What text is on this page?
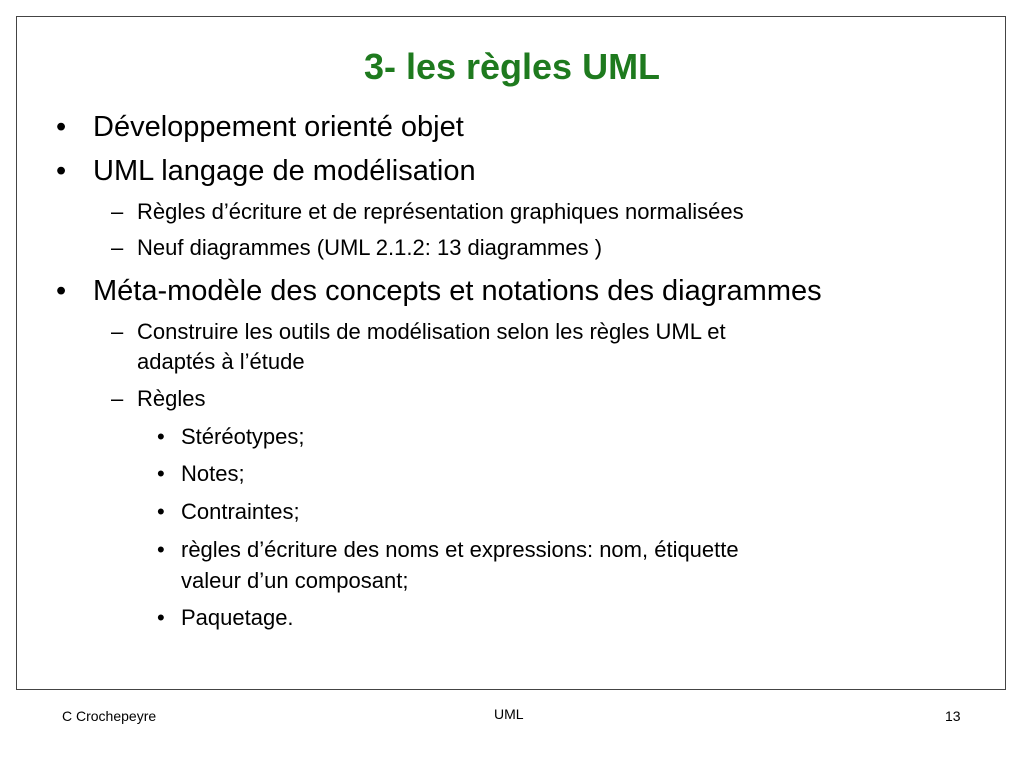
3- les règles UML
• Développement orienté objet
• UML langage de modélisation
– Règles d’écriture et de représentation graphiques normalisées
– Neuf diagrammes (UML 2.1.2: 13 diagrammes )
• Méta-modèle des concepts et notations des diagrammes
– Construire les outils de modélisation selon les règles UML et
adaptés à l’étude
– Règles
• Stéréotypes;
• Notes;
• Contraintes;
• règles d’écriture des noms et expressions: nom, étiquette
valeur d’un composant;
• Paquetage.
C Crochepeyre	UML	13
